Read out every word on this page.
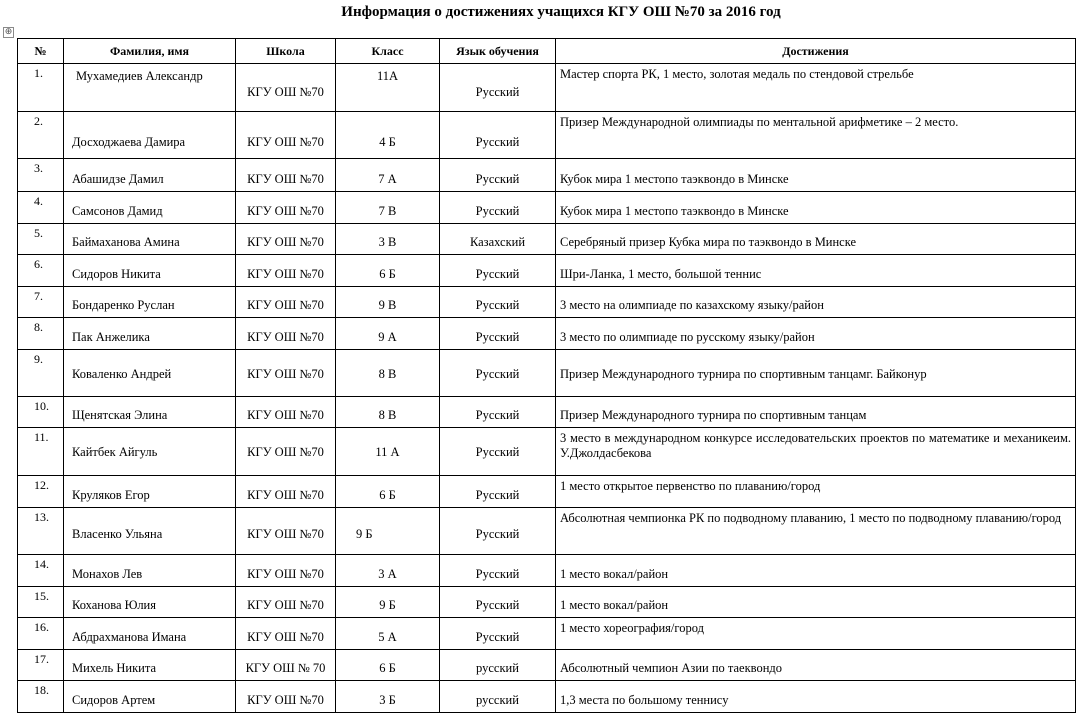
Информация о достижениях учащихся КГУ ОШ №70 за 2016 год
⊕
№	Фамилия, имя	Школа	Класс	Язык обучения	Достижения
1.	Мухамедиев Александр	КГУ ОШ №70	11А	Русский	Мастер спорта РК, 1 место, золотая медаль по стендовой стрельбе
2.	Досходжаева Дамира	КГУ ОШ №70	4 Б	Русский	Призер Международной олимпиады по ментальной арифметике – 2 место.
3.	Абашидзе Дамил	КГУ ОШ №70	7 А	Русский	Кубок мира 1 местопо таэквондо в Минске
4.	Самсонов Дамид	КГУ ОШ №70	7 В	Русский	Кубок мира 1 местопо таэквондо в Минске
5.	Баймаханова Амина	КГУ ОШ №70	3 В	Казахский	Серебряный призер Кубка мира по таэквондо в Минске
6.	Сидоров Никита	КГУ ОШ №70	6 Б	Русский	Шри-Ланка, 1 место, большой теннис
7.	Бондаренко Руслан	КГУ ОШ №70	9 В	Русский	3 место на олимпиаде по казахскому языку/район
8.	Пак Анжелика	КГУ ОШ №70	9 А	Русский	3 место по олимпиаде по русскому языку/район
9.	Коваленко Андрей	КГУ ОШ №70	8 В	Русский	Призер Международного турнира по спортивным танцамг. Байконур
10.	Щенятская Элина	КГУ ОШ №70	8 В	Русский	Призер Международного турнира по спортивным танцам
11.	Кайтбек Айгуль	КГУ ОШ №70	11 А	Русский	3 место в международном конкурсе исследовательских проектов по математике и механикеим. У.Джолдасбекова
12.	Круляков Егор	КГУ ОШ №70	6 Б	Русский	1 место открытое первенство по плаванию/город
13.	Власенко Ульяна	КГУ ОШ №70	9 Б	Русский	Абсолютная чемпионка РК по подводному плаванию, 1 место по подводному плаванию/город
14.	Монахов Лев	КГУ ОШ №70	3 А	Русский	1 место вокал/район
15.	Коханова Юлия	КГУ ОШ №70	9 Б	Русский	1 место вокал/район
16.	Абдрахманова Имана	КГУ ОШ №70	5 А	Русский	1 место хореография/город
17.	Михель Никита	КГУ ОШ № 70	6 Б	русский	Абсолютный чемпион Азии по таеквондо
18.	Сидоров Артем	КГУ ОШ №70	3 Б	русский	1,3 места по большому теннису
